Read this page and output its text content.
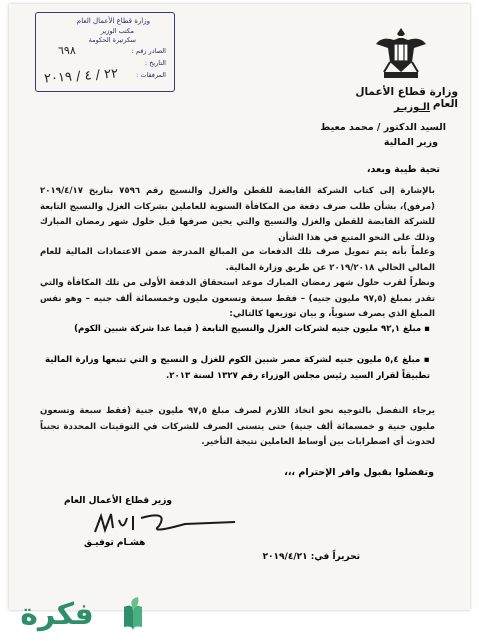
وزارة قطاع الأعمال العام
مكتب الوزير
سكرتيرة الحكومة
الصادر رقم :
التاريخ :
المرفقات :
٦٩٨
٢٢ / ٤ / ٢٠١٩
وزارة قطاع الأعمال العام
الـوزيـر
السيد الدكتور / محمد معيط
وزير المالية
تحية طيبة وبعد،
بالإشارة إلى كتاب الشركة القابضة للقطن والغزل والنسيج رقم ٧٥٩٦ بتاريخ ٢٠١٩/٤/١٧ (مرفق)، بشأن طلب صرف دفعة من المكافأة السنوية للعاملين بشركات الغزل والنسيج التابعة للشركة القابضة للقطن والغزل والنسيج والتي يحين صرفها قبل حلول شهر رمضان المبارك وذلك على النحو المتبع في هذا الشأن
وعلماً بأنه يتم تمويل صرف تلك الدفعات من المبالغ المدرجة ضمن الاعتمادات المالية للعام المالي الحالي ٢٠١٩/٢٠١٨ عن طريق وزارة المالية.
ونظراً لقرب حلول شهر رمضان المبارك موعد استحقاق الدفعة الأولى من تلك المكافأة والتي تقدر بمبلغ (٩٧,٥ مليون جنيه) – فقط سبعة وتسعون مليون وخمسمائة ألف جنيه – وهو نفس المبلغ الذي يصرف سنوياً، و بيان توزيعها كالتالي:
▪ مبلغ ٩٢,١ مليون جنيه لشركات الغزل والنسيج التابعة ( فيما عدا شركة شبين الكوم)
▪ مبلغ ٥,٤ مليون جنيه لشركة مصر شبين الكوم للغزل و النسيج و التي تتبعها وزارة المالية تطبيقاً لقرار السيد رئيس مجلس الوزراء رقم ١٣٢٧ لسنة ٢٠١٣.
يرجاء التفضل بالتوجيه نحو اتخاذ اللازم لصرف مبلغ ٩٧,٥ مليون جنية (فقط سبعة وتسعون مليون جنية و خمسمائة ألف جنية) حتى يتسنى الصرف للشركات في التوقيتات المحددة تجنباً لحدوث أي اضطرابات بين أوساط العاملين نتيجة التأخير.
وتفضلوا بقبول وافر الإحترام ،،،
وزير قطاع الأعمال العام
هشـام توفيـق
تحريراً في: ٢٠١٩/٤/٢١
فكرة
